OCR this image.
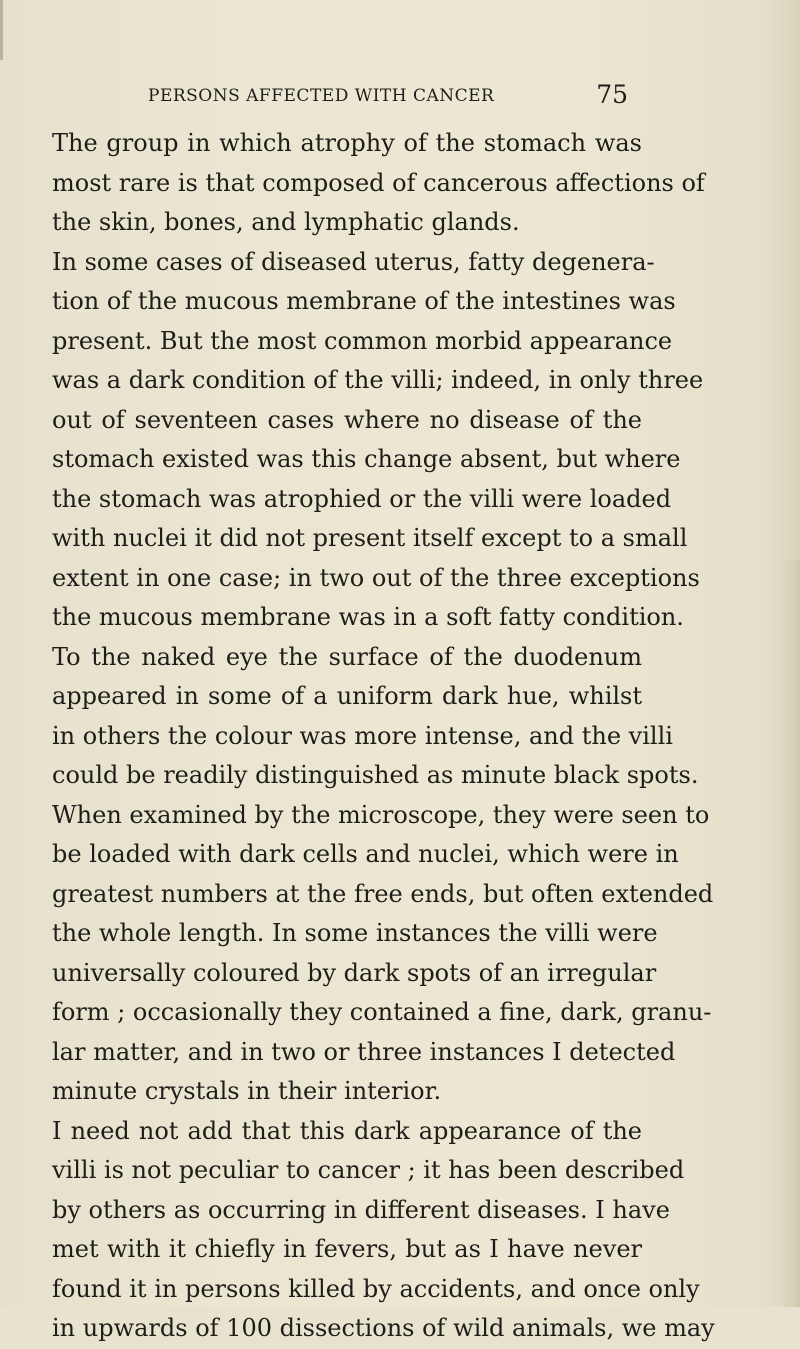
PERSONS AFFECTED WITH CANCER	75
The group in which atrophy of the stomach was
most rare is that composed of cancerous affections of
the skin, bones, and lymphatic glands.
In some cases of diseased uterus, fatty degenera-
tion of the mucous membrane of the intestines was
present. But the most common morbid appearance
was a dark condition of the villi; indeed, in only three
out of seventeen cases where no disease of the
stomach existed was this change absent, but where
the stomach was atrophied or the villi were loaded
with nuclei it did not present itself except to a small
extent in one case; in two out of the three exceptions
the mucous membrane was in a soft fatty condition.
To the naked eye the surface of the duodenum
appeared in some of a uniform dark hue, whilst
in others the colour was more intense, and the villi
could be readily distinguished as minute black spots.
When examined by the microscope, they were seen to
be loaded with dark cells and nuclei, which were in
greatest numbers at the free ends, but often extended
the whole length. In some instances the villi were
universally coloured by dark spots of an irregular
form ; occasionally they contained a fine, dark, granu-
lar matter, and in two or three instances I detected
minute crystals in their interior.
I need not add that this dark appearance of the
villi is not peculiar to cancer ; it has been described
by others as occurring in different diseases. I have
met with it chiefly in fevers, but as I have never
found it in persons killed by accidents, and once only
in upwards of 100 dissections of wild animals, we may
